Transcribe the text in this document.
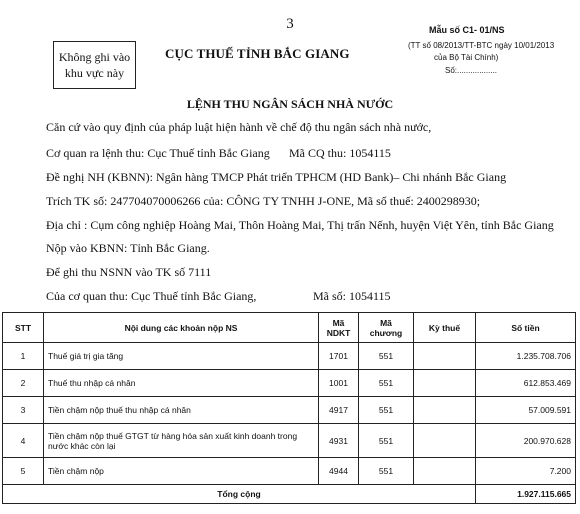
3
Không ghi vào khu vực này
CỤC THUẾ TỈNH BẮC GIANG
Mẫu số C1- 01/NS
(TT số 08/2013/TT-BTC ngày 10/01/2013
của Bộ Tài Chính)
Số:..................
LỆNH THU NGÂN SÁCH NHÀ NƯỚC
Căn cứ vào quy định của pháp luật hiện hành về chế độ thu ngân sách nhà nước,
Cơ quan ra lệnh thu: Cục Thuế tỉnh Bắc Giang Mã CQ thu: 1054115
Đề nghị NH (KBNN): Ngân hàng TMCP Phát triển TPHCM (HD Bank)– Chi nhánh Bắc Giang
Trích TK số: 247704070006266 của: CÔNG TY TNHH J-ONE, Mã số thuế: 2400298930;
Địa chỉ : Cụm công nghiệp Hoàng Mai, Thôn Hoàng Mai, Thị trấn Nếnh, huyện Việt Yên, tỉnh Bắc Giang
Nộp vào KBNN: Tỉnh Bắc Giang.
Để ghi thu NSNN vào TK số 7111
Của cơ quan thu: Cục Thuế tỉnh Bắc Giang,	Mã số: 1054115
STT	Nội dung các khoản nộp NS	Mã NDKT	Mã chương	Kỳ thuế	Số tiền
1	Thuế giá trị gia tăng	1701	551		1.235.708.706
2	Thuế thu nhập cá nhân	1001	551		612.853.469
3	Tiền chậm nộp thuế thu nhập cá nhân	4917	551		57.009.591
4	Tiền chậm nộp thuế GTGT từ hàng hóa sản xuất kinh doanh trong nước khác còn lại	4931	551		200.970.628
5	Tiền chậm nộp	4944	551		7.200
Tổng cộng					1.927.115.665
